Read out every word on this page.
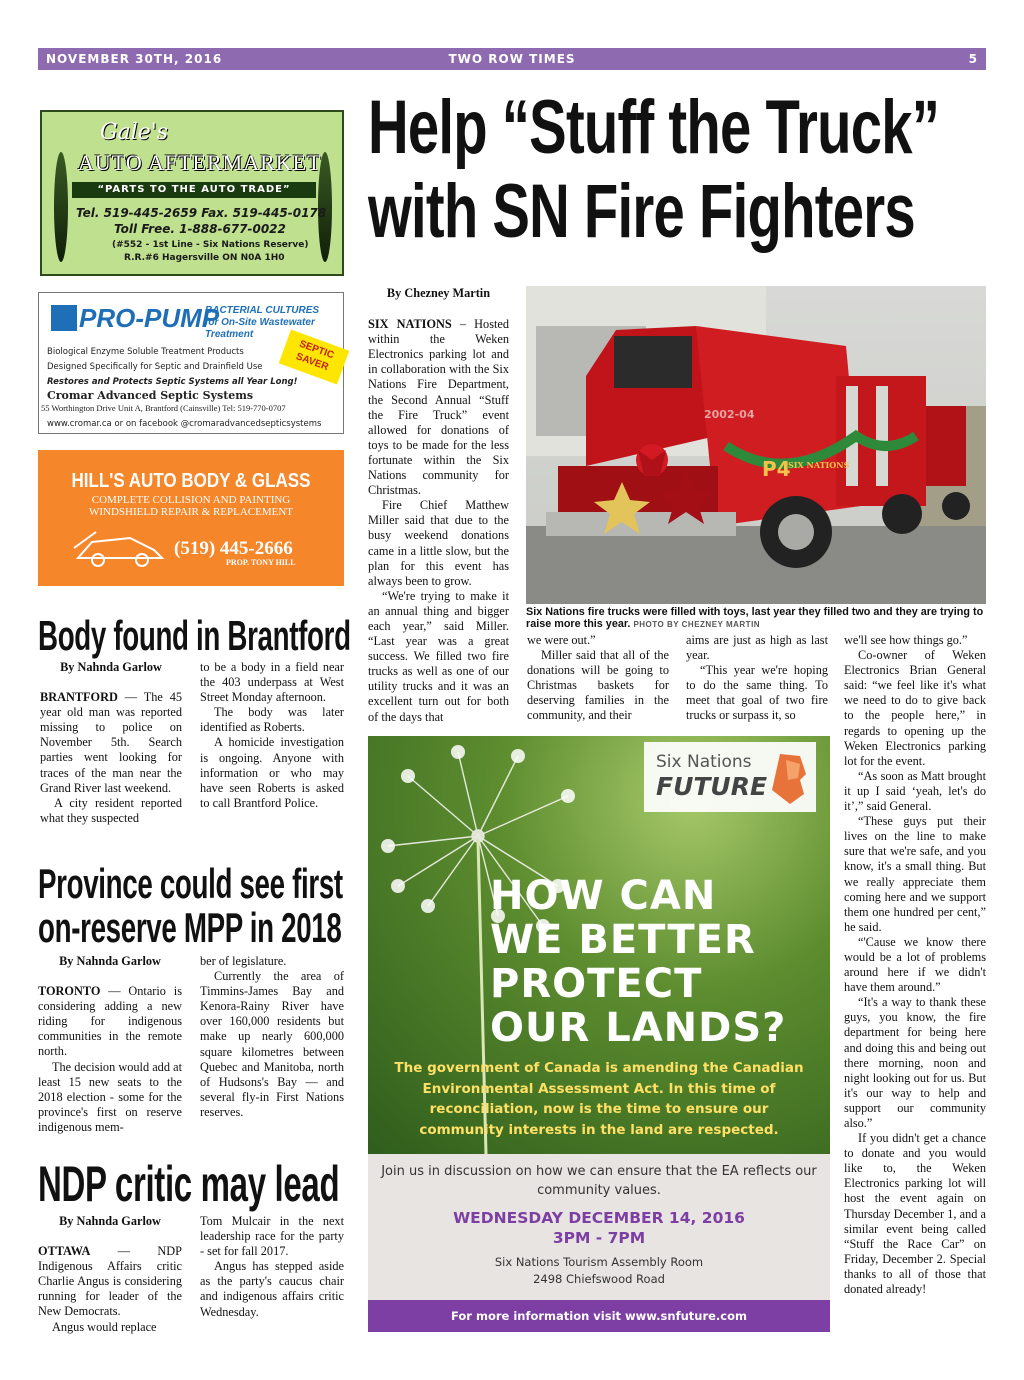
NOVEMBER 30TH, 2016	TWO ROW TIMES	5
Help “Stuff the Truck”
with SN Fire Fighters
Gale's
AUTO AFTERMARKET
“PARTS TO THE AUTO TRADE”
Tel. 519-445-2659 Fax. 519-445-0178
Toll Free. 1-888-677-0022
(#552 - 1st Line - Six Nations Reserve)
R.R.#6 Hagersville ON N0A 1H0
PRO-PUMP
BACTERIAL CULTURES
for On-Site Wastewater Treatment
SEPTIC SAVER
Biological Enzyme Soluble Treatment Products
Designed Specifically for Septic and Drainfield Use
Restores and Protects Septic Systems all Year Long!
Cromar Advanced Septic Systems
55 Worthington Drive Unit A, Brantford (Cainsville) Tel: 519-770-0707
www.cromar.ca or on facebook @cromaradvancedsepticsystems
HILL'S AUTO BODY & GLASS
COMPLETE COLLISION AND PAINTING
WINDSHIELD REPAIR & REPLACEMENT
(519) 445-2666
PROP. TONY HILL
Body found in Brantford
By Nahnda Garlow

BRANTFORD — The 45 year old man was reported missing to police on November 5th. Search parties went looking for traces of the man near the Grand River last weekend.

A city resident reported what they suspected

to be a body in a field near the 403 underpass at West Street Monday afternoon.

The body was later identified as Roberts.

A homicide investigation is ongoing. Anyone with information or who may have seen Roberts is asked to call Brantford Police.

Province could see first
on-reserve MPP in 2018
By Nahnda Garlow

TORONTO — Ontario is considering adding a new riding for indigenous communities in the remote north.

The decision would add at least 15 new seats to the 2018 election - some for the province's first on reserve indigenous mem-

ber of legislature.

Currently the area of Timmins-James Bay and Kenora-Rainy River have over 160,000 residents but make up nearly 600,000 square kilometres between Quebec and Manitoba, north of Hudsons's Bay — and several fly-in First Nations reserves.

NDP critic may lead
By Nahnda Garlow

OTTAWA — NDP Indigenous Affairs critic Charlie Angus is considering running for leader of the New Democrats.

Angus would replace

Tom Mulcair in the next leadership race for the party - set for fall 2017.

Angus has stepped aside as the party's caucus chair and indigenous affairs critic Wednesday.

By Chezney Martin

SIX NATIONS – Hosted within the Weken Electronics parking lot and in collaboration with the Six Nations Fire Department, the Second Annual “Stuff the Fire Truck” event allowed for donations of toys to be made for the less fortunate within the Six Nations community for Christmas.

Fire Chief Matthew Miller said that due to the busy weekend donations came in a little slow, but the plan for this event has always been to grow.

“We're trying to make it an annual thing and bigger each year,” said Miller. “Last year was a great success. We filled two fire trucks as well as one of our utility trucks and it was an excellent turn out for both of the days that

P4
SIX NATIONS
2002-04
Six Nations fire trucks were filled with toys, last year they filled two and they are trying to raise more this year. PHOTO BY CHEZNEY MARTIN

we were out.”

Miller said that all of the donations will be going to Christmas baskets for deserving families in the community, and their

aims are just as high as last year.

“This year we're hoping to do the same thing. To meet that goal of two fire trucks or surpass it, so

we'll see how things go.”

Co-owner of Weken Electronics Brian General said: “we feel like it's what we need to do to give back to the people here,” in regards to opening up the Weken Electronics parking lot for the event.

“As soon as Matt brought it up I said ‘yeah, let's do it’,” said General.

“These guys put their lives on the line to make sure that we're safe, and you know, it's a small thing. But we really appreciate them coming here and we support them one hundred per cent,” he said.

“'Cause we know there would be a lot of problems around here if we didn't have them around.”

“It's a way to thank these guys, you know, the fire department for being here and doing this and being out there morning, noon and night looking out for us. But it's our way to help and support our community also.”

If you didn't get a chance to donate and you would like to, the Weken Electronics parking lot will host the event again on Thursday December 1, and a similar event being called “Stuff the Race Car” on Friday, December 2. Special thanks to all of those that donated already!

Six Nations
FUTURE
HOW CAN
WE BETTER
PROTECT
OUR LANDS?
The government of Canada is amending the Canadian Environmental Assessment Act. In this time of reconciliation, now is the time to ensure our community interests in the land are respected.
Join us in discussion on how we can ensure that the EA reflects our community values.
WEDNESDAY DECEMBER 14, 2016
3PM - 7PM
Six Nations Tourism Assembly Room
2498 Chiefswood Road
For more information visit www.snfuture.com
